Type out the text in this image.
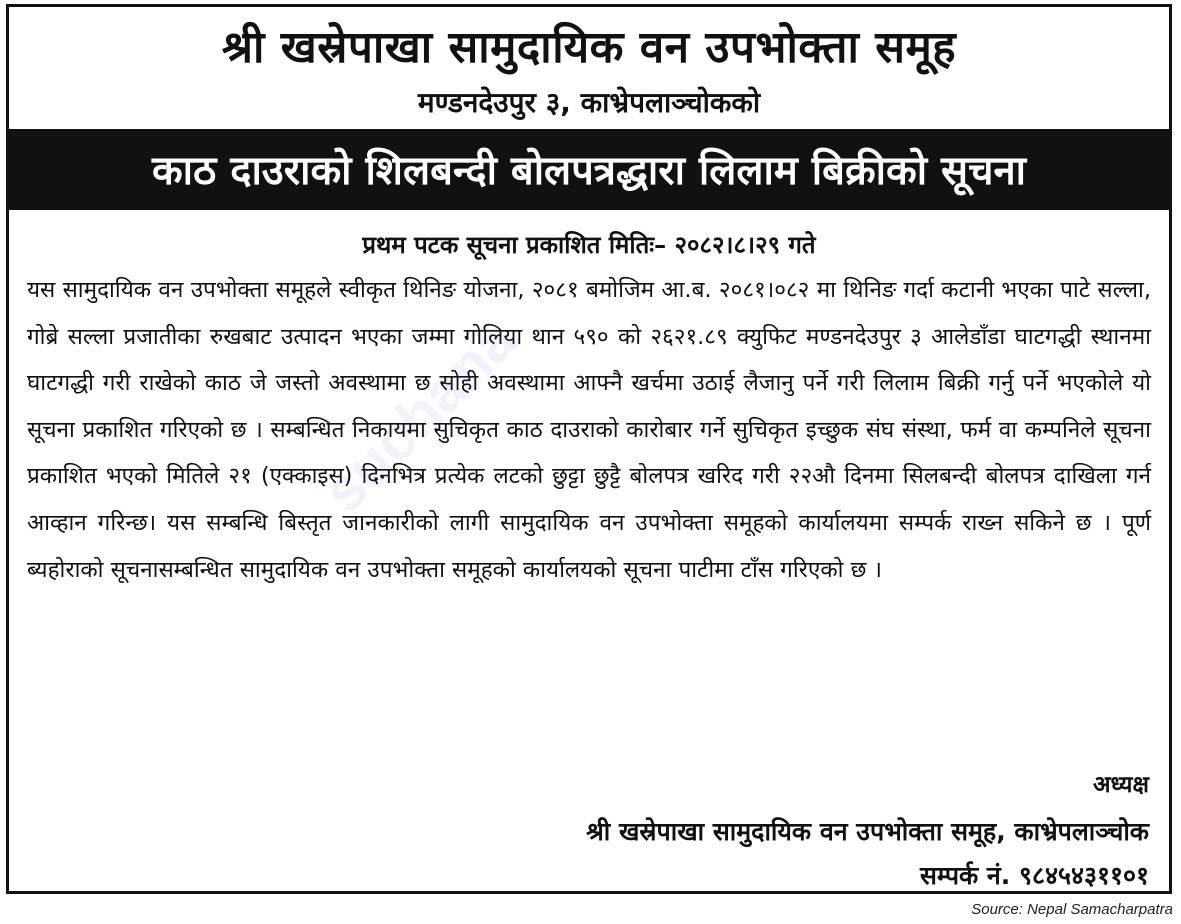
श्री खस्रेपाखा सामुदायिक वन उपभोक्ता समूह
मण्डनदेउपुर ३, काभ्रेपलाञ्चोकको
काठ दाउराको शिलबन्दी बोलपत्रद्धारा लिलाम बिक्रीको सूचना
प्रथम पटक सूचना प्रकाशित मितिः– २०८२।८।२९ गते

यस सामुदायिक वन उपभोक्ता समूहले स्वीकृत थिनिङ योजना, २०८१ बमोजिम आ.ब. २०८१।०८२ मा थिनिङ गर्दा कटानी भएका पाटे सल्ला, गोब्रे सल्ला प्रजातीका रुखबाट उत्पादन भएका जम्मा गोलिया थान ५९० को २६२१.८९ क्युफिट मण्डनदेउपुर ३ आलेडाँडा घाटगद्धी स्थानमा घाटगद्धी गरी राखेको काठ जे जस्तो अवस्थामा छ सोही अवस्थामा आफ्नै खर्चमा उठाई लैजानु पर्ने गरी लिलाम बिक्री गर्नु पर्ने भएकोले यो सूचना प्रकाशित गरिएको छ । सम्बन्धित निकायमा सुचिकृत काठ दाउराको कारोबार गर्ने सुचिकृत इच्छुक संघ संस्था, फर्म वा कम्पनिले सूचना प्रकाशित भएको मितिले २१ (एक्काइस) दिनभित्र प्रत्येक लटको छुट्टा छुट्टै बोलपत्र खरिद गरी २२औ दिनमा सिलबन्दी बोलपत्र दाखिला गर्न आव्हान गरिन्छ। यस सम्बन्धि बिस्तृत जानकारीको लागी सामुदायिक वन उपभोक्ता समूहको कार्यालयमा सम्पर्क राख्न सकिने छ । पूर्ण ब्यहोराको सूचनासम्बन्धित सामुदायिक वन उपभोक्ता समूहको कार्यालयको सूचना पाटीमा टाँस गरिएको छ ।

suchana
अध्यक्ष
श्री खस्रेपाखा सामुदायिक वन उपभोक्ता समूह, काभ्रेपलाञ्चोक
सम्पर्क नं. ९८४५४३११०१
Source: Nepal Samacharpatra
